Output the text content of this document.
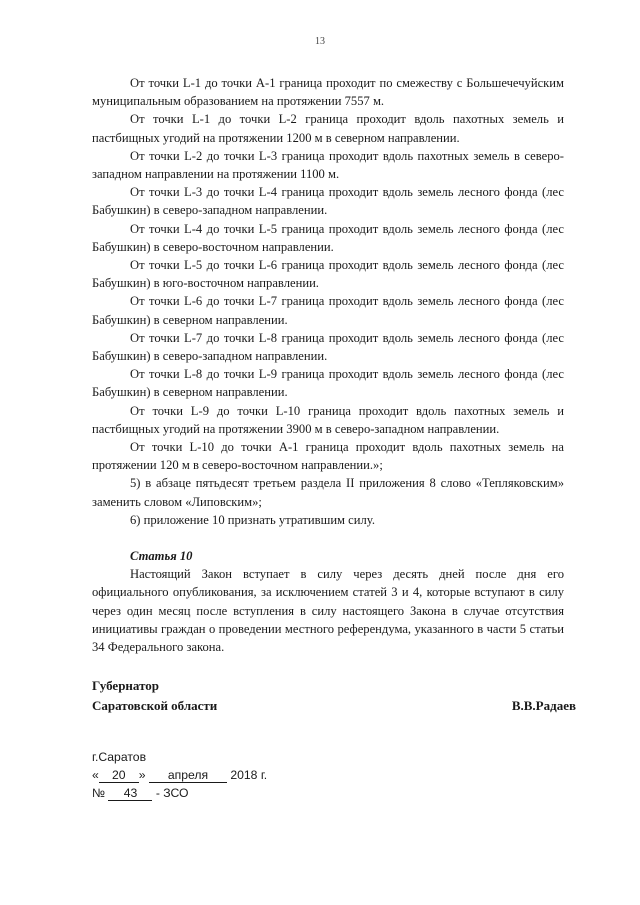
13

От точки L-1 до точки А-1 граница проходит по смежеству с Большечечуйским муниципальным образованием на протяжении 7557 м.

От точки L-1 до точки L-2 граница проходит вдоль пахотных земель и пастбищных угодий на протяжении 1200 м в северном направлении.

От точки L-2 до точки L-3 граница проходит вдоль пахотных земель в северо-западном направлении на протяжении 1100 м.

От точки L-3 до точки L-4 граница проходит вдоль земель лесного фонда (лес Бабушкин) в северо-западном направлении.

От точки L-4 до точки L-5 граница проходит вдоль земель лесного фонда (лес Бабушкин) в северо-восточном направлении.

От точки L-5 до точки L-6 граница проходит вдоль земель лесного фонда (лес Бабушкин) в юго-восточном направлении.

От точки L-6 до точки L-7 граница проходит вдоль земель лесного фонда (лес Бабушкин) в северном направлении.

От точки L-7 до точки L-8 граница проходит вдоль земель лесного фонда (лес Бабушкин) в северо-западном направлении.

От точки L-8 до точки L-9 граница проходит вдоль земель лесного фонда (лес Бабушкин) в северном направлении.

От точки L-9 до точки L-10 граница проходит вдоль пахотных земель и пастбищных угодий на протяжении 3900 м в северо-западном направлении.

От точки L-10 до точки А-1 граница проходит вдоль пахотных земель на протяжении 120 м в северо-восточном направлении.»;

5) в абзаце пятьдесят третьем раздела II приложения 8 слово «Тепляковским» заменить словом «Липовским»;

6) приложение 10 признать утратившим силу.

Статья 10

Настоящий Закон вступает в силу через десять дней после дня его официального опубликования, за исключением статей 3 и 4, которые вступают в силу через один месяц после вступления в силу настоящего Закона в случае отсутствия инициативы граждан о проведении местного референдума, указанного в части 5 статьи 34 Федерального закона.

Губернатор
Саратовской области	В.В.Радаев
г.Саратов
« 20 » апреля 2018 г.
№ 43 - ЗСО
